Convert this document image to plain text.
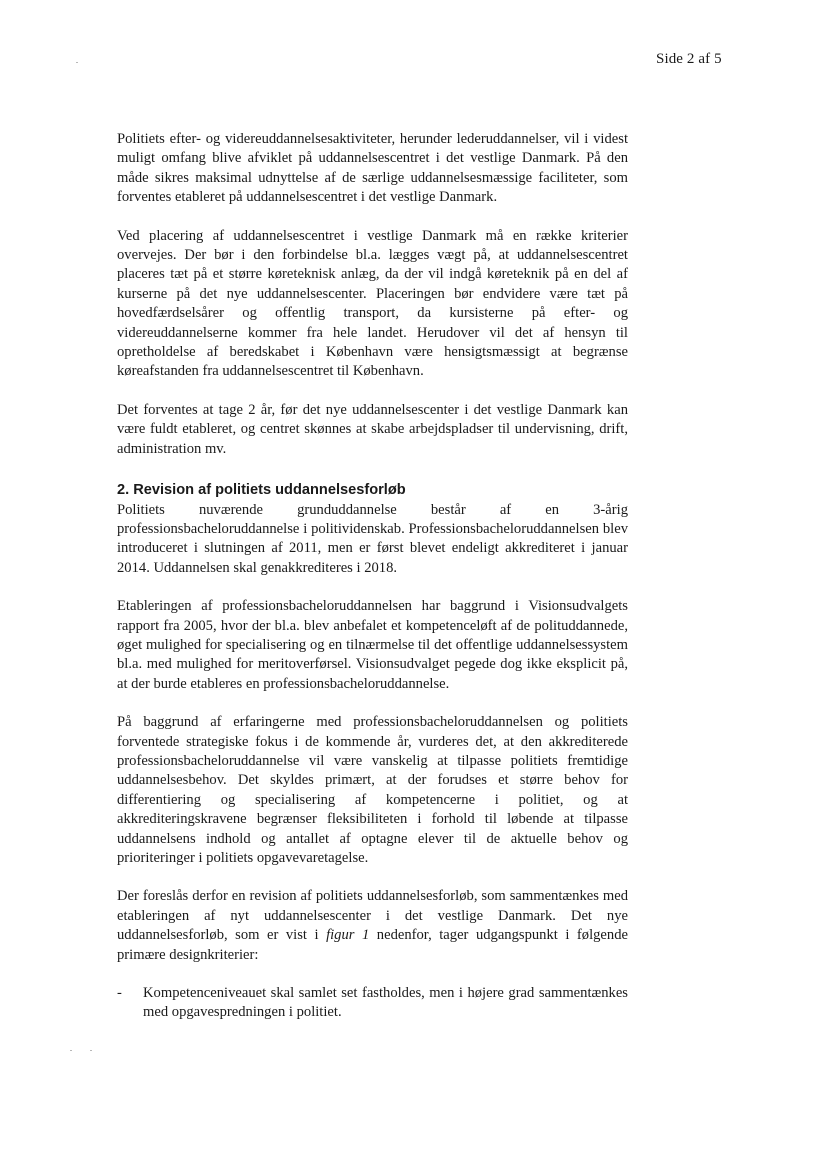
Side 2 af 5

Politiets efter- og videreuddannelsesaktiviteter, herunder lederuddannelser, vil i videst muligt omfang blive afviklet på uddannelsescentret i det vestlige Danmark. På den måde sikres maksimal udnyttelse af de særlige uddannelsesmæssige faciliteter, som forventes etableret på uddannelsescentret i det vestlige Danmark.

Ved placering af uddannelsescentret i vestlige Danmark må en række kriterier overvejes. Der bør i den forbindelse bl.a. lægges vægt på, at uddannelsescentret placeres tæt på et større køreteknisk anlæg, da der vil indgå køreteknik på en del af kurserne på det nye uddannelsescenter. Placeringen bør endvidere være tæt på hovedfærdselsårer og offentlig transport, da kursisterne på efter- og videreuddannelserne kommer fra hele landet. Herudover vil det af hensyn til opretholdelse af beredskabet i København være hensigtsmæssigt at begrænse køreafstanden fra uddannelsescentret til København.

Det forventes at tage 2 år, før det nye uddannelsescenter i det vestlige Danmark kan være fuldt etableret, og centret skønnes at skabe arbejdspladser til undervisning, drift, administration mv.

2. Revision af politiets uddannelsesforløb

Politiets nuværende grunduddannelse består af en 3-årig professionsbacheloruddannelse i politividenskab. Professionsbacheloruddannelsen blev introduceret i slutningen af 2011, men er først blevet endeligt akkrediteret i januar 2014. Uddannelsen skal genakkrediteres i 2018.

Etableringen af professionsbacheloruddannelsen har baggrund i Visionsudvalgets rapport fra 2005, hvor der bl.a. blev anbefalet et kompetenceløft af de polituddannede, øget mulighed for specialisering og en tilnærmelse til det offentlige uddannelsessystem bl.a. med mulighed for meritoverførsel. Visionsudvalget pegede dog ikke eksplicit på, at der burde etableres en professionsbacheloruddannelse.

På baggrund af erfaringerne med professionsbacheloruddannelsen og politiets forventede strategiske fokus i de kommende år, vurderes det, at den akkrediterede professionsbacheloruddannelse vil være vanskelig at tilpasse politiets fremtidige uddannelsesbehov. Det skyldes primært, at der forudses et større behov for differentiering og specialisering af kompetencerne i politiet, og at akkrediteringskravene begrænser fleksibiliteten i forhold til løbende at tilpasse uddannelsens indhold og antallet af optagne elever til de aktuelle behov og prioriteringer i politiets opgavevaretagelse.

Der foreslås derfor en revision af politiets uddannelsesforløb, som sammentænkes med etableringen af nyt uddannelsescenter i det vestlige Danmark. Det nye uddannelsesforløb, som er vist i figur 1 nedenfor, tager udgangspunkt i følgende primære designkriterier:

-	Kompetenceniveauet skal samlet set fastholdes, men i højere grad sammentænkes med opgavespredningen i politiet.
